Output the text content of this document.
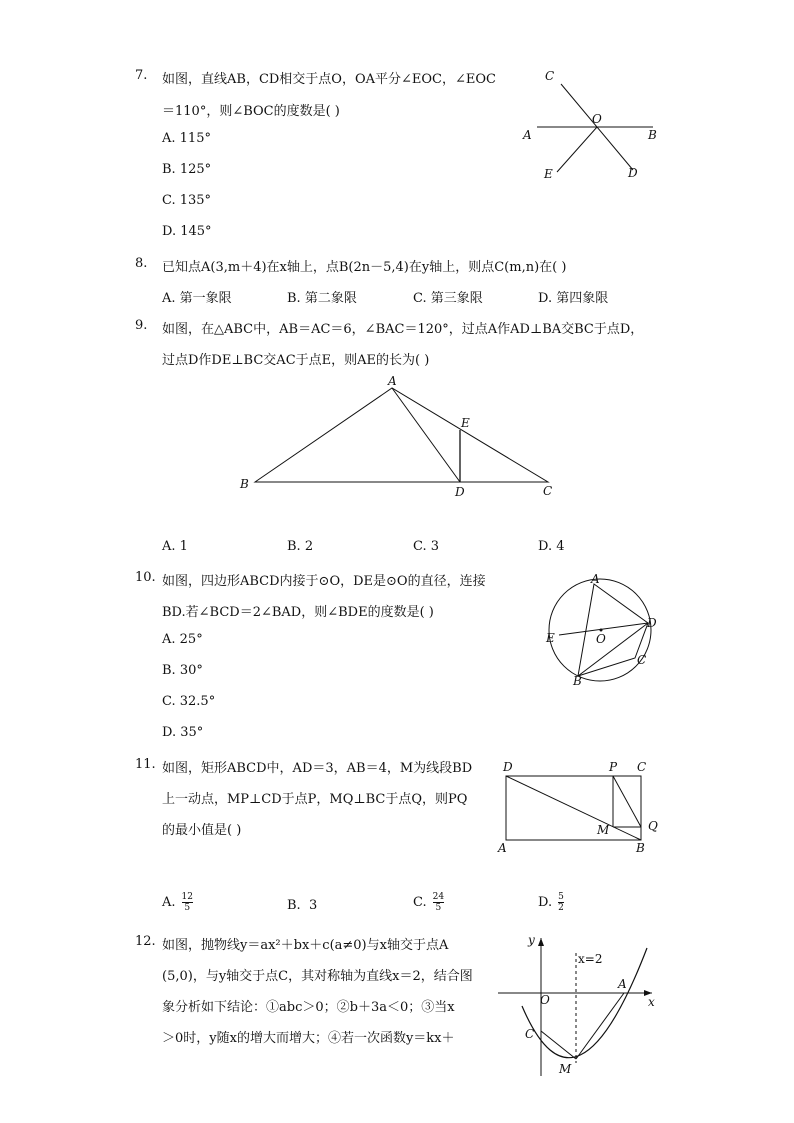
7. 如图，直线AB，CD相交于点O，OA平分∠EOC，∠EOC
＝110°，则∠BOC的度数是( )
A. 115°
B. 125°
C. 135°
D. 145°
C
O
A	B
E	D
8. 已知点A(3,m＋4)在x轴上，点B(2n－5,4)在y轴上，则点C(m,n)在( )
A. 第一象限	B. 第二象限	C. 第三象限	D. 第四象限
9. 如图，在△ABC中，AB＝AC＝6，∠BAC＝120°，过点A作AD⊥BA交BC于点D，
过点D作DE⊥BC交AC于点E，则AE的长为( )
A
E
B
D	C
A. 1	B. 2	C. 3	D. 4
10. 如图，四边形ABCD内接于⊙O，DE是⊙O的直径，连接
BD.若∠BCD＝2∠BAD，则∠BDE的度数是( )
A. 25°
B. 30°
C. 32.5°
D. 35°
A
D
E	O
C
B
11. 如图，矩形ABCD中，AD＝3，AB＝4，M为线段BD
上一动点，MP⊥CD于点P，MQ⊥BC于点Q，则PQ
的最小值是( )
D	P C
M	Q
A	B
A. $\frac{12}{5}$	B. 3	C. $\frac{24}{5}$	D. $\frac{5}{2}$
12. 如图，抛物线y＝ax²＋bx＋c(a≠0)与x轴交于点A
(5,0)，与y轴交于点C，其对称轴为直线x＝2，结合图
象分析如下结论：①abc＞0；②b＋3a＜0；③当x
＞0时，y随x的增大而增大；④若一次函数y＝kx＋
y
x=2
O
A
x
C
M
